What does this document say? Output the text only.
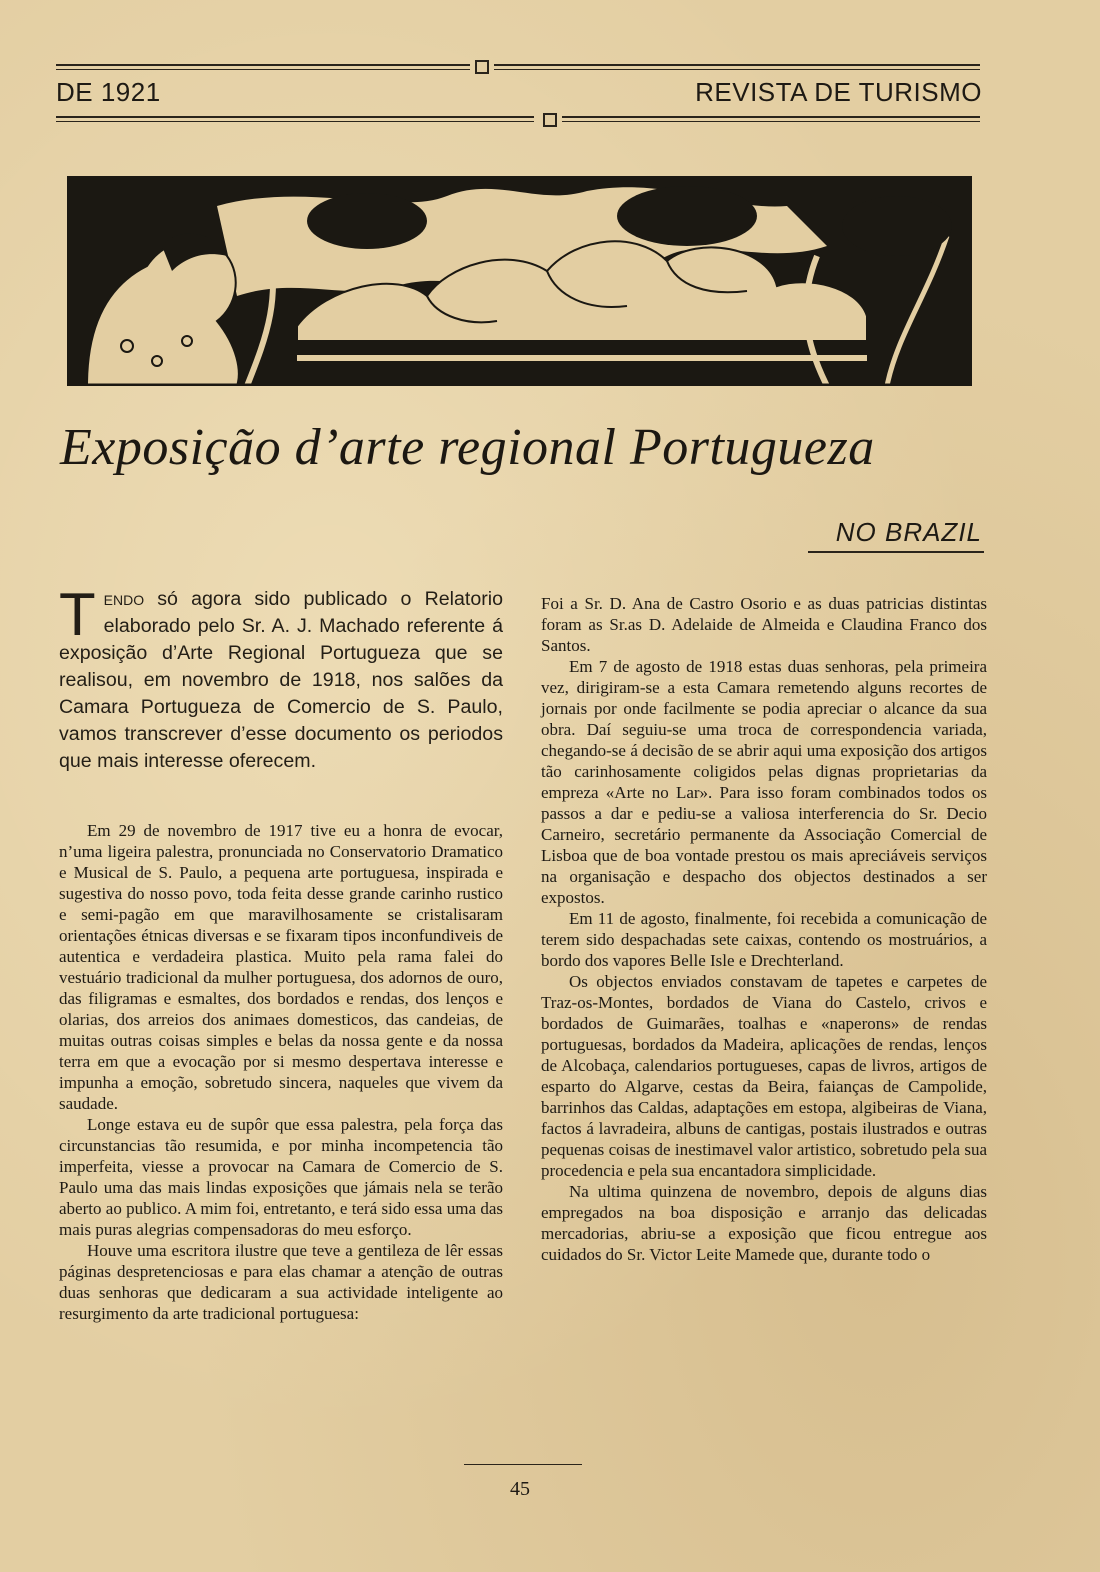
DE 1921	REVISTA DE TURISMO
Exposição d’arte regional Portugueza
NO BRAZIL
Tendo só agora sido publicado o Relatorio elaborado pelo Sr. A. J. Machado referente á exposição d’Arte Regional Portugueza que se realisou, em novembro de 1918, nos salões da Camara Portugueza de Comercio de S. Paulo, vamos transcrever d’esse documento os periodos que mais interesse oferecem.

Em 29 de novembro de 1917 tive eu a honra de evocar, n’uma ligeira palestra, pronunciada no Conservatorio Dramatico e Musical de S. Paulo, a pequena arte portuguesa, inspirada e sugestiva do nosso povo, toda feita desse grande carinho rustico e semi-pagão em que maravilhosamente se cristalisaram orientações étnicas diversas e se fixaram tipos inconfundiveis de autentica e verdadeira plastica. Muito pela rama falei do vestuário tradicional da mulher portuguesa, dos adornos de ouro, das filigramas e esmaltes, dos bordados e rendas, dos lenços e olarias, dos arreios dos animaes domesticos, das candeias, de muitas outras coisas simples e belas da nossa gente e da nossa terra em que a evocação por si mesmo despertava interesse e impunha a emoção, sobretudo sincera, naqueles que vivem da saudade.

Longe estava eu de supôr que essa palestra, pela força das circunstancias tão resumida, e por minha incompetencia tão imperfeita, viesse a provocar na Camara de Comercio de S. Paulo uma das mais lindas exposições que jámais nela se terão aberto ao publico. A mim foi, entretanto, e terá sido essa uma das mais puras alegrias compensadoras do meu esforço.

Houve uma escritora ilustre que teve a gentileza de lêr essas páginas despretenciosas e para elas chamar a atenção de outras duas senhoras que dedicaram a sua actividade inteligente ao resurgimento da arte tradicional portuguesa:

Foi a Sr. D. Ana de Castro Osorio e as duas patricias distintas foram as Sr.as D. Adelaide de Almeida e Claudina Franco dos Santos.

Em 7 de agosto de 1918 estas duas senhoras, pela primeira vez, dirigiram-se a esta Camara remetendo alguns recortes de jornais por onde facilmente se podia apreciar o alcance da sua obra. Daí seguiu-se uma troca de correspondencia variada, chegando-se á decisão de se abrir aqui uma exposição dos artigos tão carinhosamente coligidos pelas dignas proprietarias da empreza «Arte no Lar». Para isso foram combinados todos os passos a dar e pediu-se a valiosa interferencia do Sr. Decio Carneiro, secretário permanente da Associação Comercial de Lisboa que de boa vontade prestou os mais apreciáveis serviços na organisação e despacho dos objectos destinados a ser expostos.

Em 11 de agosto, finalmente, foi recebida a comunicação de terem sido despachadas sete caixas, contendo os mostruários, a bordo dos vapores Belle Isle e Drechterland.

Os objectos enviados constavam de tapetes e carpetes de Traz-os-Montes, bordados de Viana do Castelo, crivos e bordados de Guimarães, toalhas e «naperons» de rendas portuguesas, bordados da Madeira, aplicações de rendas, lenços de Alcobaça, calendarios portugueses, capas de livros, artigos de esparto do Algarve, cestas da Beira, faianças de Campolide, barrinhos das Caldas, adaptações em estopa, algibeiras de Viana, factos á lavradeira, albuns de cantigas, postais ilustrados e outras pequenas coisas de inestimavel valor artistico, sobretudo pela sua procedencia e pela sua encantadora simplicidade.

Na ultima quinzena de novembro, depois de alguns dias empregados na boa disposição e arranjo das delicadas mercadorias, abriu-se a exposição que ficou entregue aos cuidados do Sr. Victor Leite Mamede que, durante todo o

45
